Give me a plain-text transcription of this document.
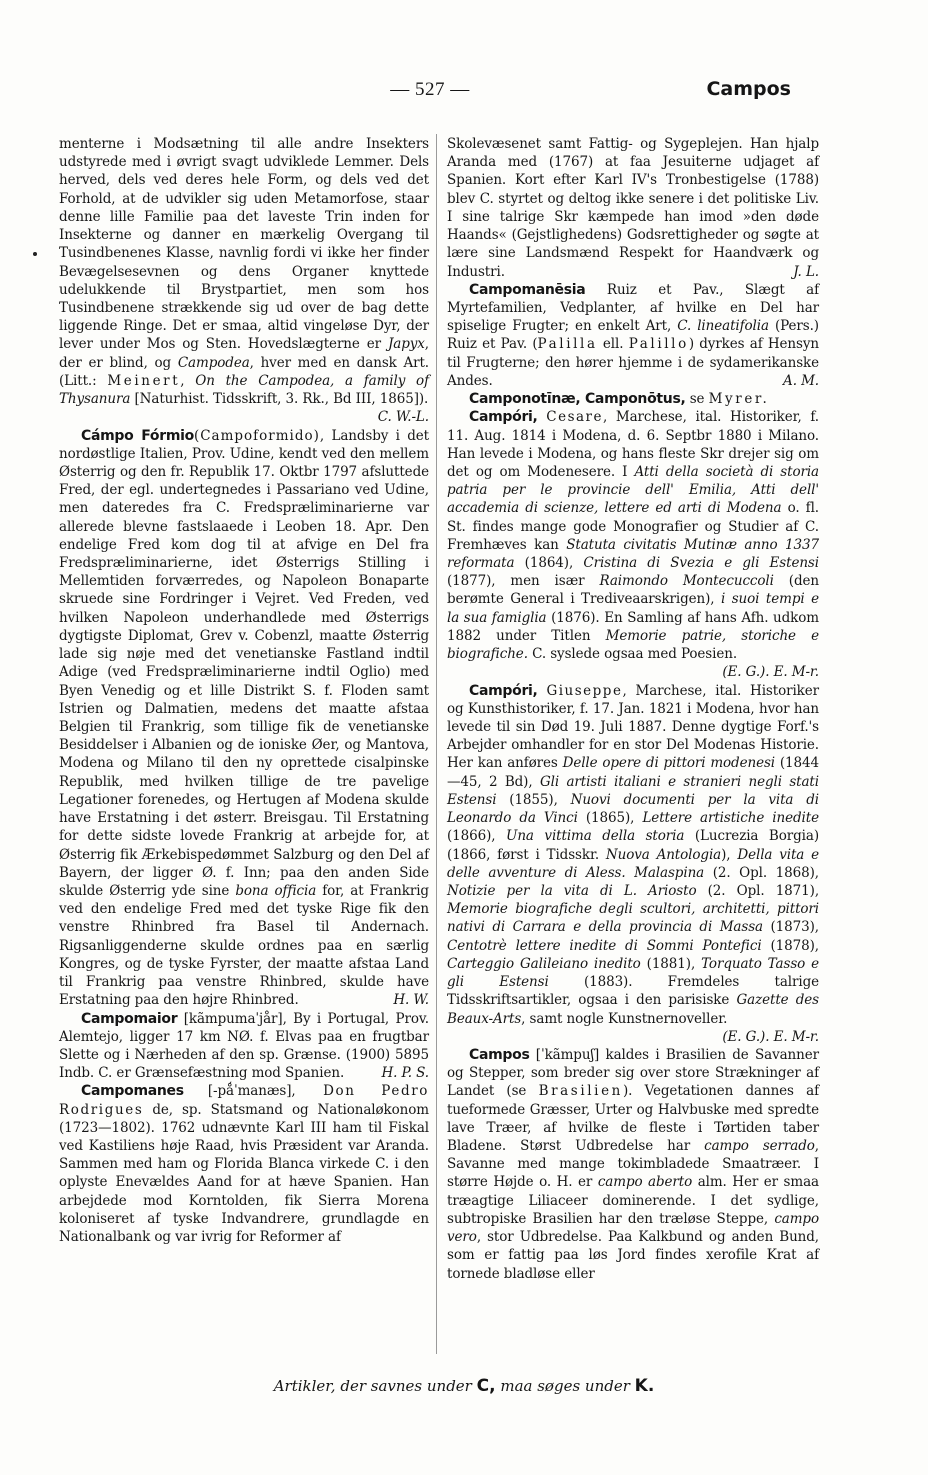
— 527 —	Campos
menterne i Modsætning til alle andre Insekters udstyrede med i øvrigt svagt udviklede Lemmer. Dels herved, dels ved deres hele Form, og dels ved det Forhold, at de udvikler sig uden Metamorfose, staar denne lille Familie paa det laveste Trin inden for Insekterne og danner en mærkelig Overgang til Tusindbenenes Klasse, navnlig fordi vi ikke her finder Bevægelsesevnen og dens Organer knyttede udelukkende til Brystpartiet, men som hos Tusindbenene strækkende sig ud over de bag dette liggende Ringe. Det er smaa, altid vingeløse Dyr, der lever under Mos og Sten. Hovedslægterne er Japyx, der er blind, og Campodea, hver med en dansk Art. (Litt.: Meinert, On the Campodea, a family of Thysanura [Naturhist. Tidsskrift, 3. Rk., Bd III, 1865]).
C. W.-L.
Cámpo Fórmio(Campoformido), Landsby i det nordøstlige Italien, Prov. Udine, kendt ved den mellem Østerrig og den fr. Republik 17. Oktbr 1797 afsluttede Fred, der egl. undertegnedes i Passariano ved Udine, men dateredes fra C. Fredspræliminarierne var allerede blevne fastslaaede i Leoben 18. Apr. Den endelige Fred kom dog til at afvige en Del fra Fredspræliminarierne, idet Østerrigs Stilling i Mellemtiden forværredes, og Napoleon Bonaparte skruede sine Fordringer i Vejret. Ved Freden, ved hvilken Napoleon underhandlede med Østerrigs dygtigste Diplomat, Grev v. Cobenzl, maatte Østerrig lade sig nøje med det venetianske Fastland indtil Adige (ved Fredspræliminarierne indtil Oglio) med Byen Venedig og et lille Distrikt S. f. Floden samt Istrien og Dalmatien, medens det maatte afstaa Belgien til Frankrig, som tillige fik de venetianske Besiddelser i Albanien og de ioniske Øer, og Mantova, Modena og Milano til den ny oprettede cisalpinske Republik, med hvilken tillige de tre pavelige Legationer forenedes, og Hertugen af Modena skulde have Erstatning i det østerr. Breisgau. Til Erstatning for dette sidste lovede Frankrig at arbejde for, at Østerrig fik Ærkebispedømmet Salzburg og den Del af Bayern, der ligger Ø. f. Inn; paa den anden Side skulde Østerrig yde sine bona officia for, at Frankrig ved den endelige Fred med det tyske Rige fik den venstre Rhinbred fra Basel til Andernach. Rigsanliggenderne skulde ordnes paa en særlig Kongres, og de tyske Fyrster, der maatte afstaa Land til Frankrig paa venstre Rhinbred, skulde have Erstatning paa den højre Rhinbred.	H. W.
Campomaior [kãmpumaˈjår], By i Portugal, Prov. Alemtejo, ligger 17 km NØ. f. Elvas paa en frugtbar Slette og i Nærheden af den sp. Grænse. (1900) 5895 Indb. C. er Grænsefæstning mod Spanien.	H. P. S.
Campomanes [-pǻˈmanæs], Don Pedro Rodrigues de, sp. Statsmand og Nationaløkonom (1723—1802). 1762 udnævnte Karl III ham til Fiskal ved Kastiliens høje Raad, hvis Præsident var Aranda. Sammen med ham og Florida Blanca virkede C. i den oplyste Enevældes Aand for at hæve Spanien. Han arbejdede mod Korntolden, fik Sierra Morena koloniseret af tyske Indvandrere, grundlagde en Nationalbank og var ivrig for Reformer af
Skolevæsenet samt Fattig- og Sygeplejen. Han hjalp Aranda med (1767) at faa Jesuiterne udjaget af Spanien. Kort efter Karl IV's Tronbestigelse (1788) blev C. styrtet og deltog ikke senere i det politiske Liv. I sine talrige Skr kæmpede han imod »den døde Haands« (Gejstlighedens) Godsrettigheder og søgte at lære sine Landsmænd Respekt for Haandværk og Industri.	J. L.
Campomanēsia Ruiz et Pav., Slægt af Myrtefamilien, Vedplanter, af hvilke en Del har spiselige Frugter; en enkelt Art, C. lineatifolia (Pers.) Ruiz et Pav. (Palilla ell. Palillo) dyrkes af Hensyn til Frugterne; den hører hjemme i de sydamerikanske Andes.	A. M.
Camponotīnæ, Camponōtus, se Myrer.
Campóri, Cesare, Marchese, ital. Historiker, f. 11. Aug. 1814 i Modena, d. 6. Septbr 1880 i Milano. Han levede i Modena, og hans fleste Skr drejer sig om det og om Modenesere. I Atti della società di storia patria per le provincie dell' Emilia, Atti dell' accademia di scienze, lettere ed arti di Modena o. fl. St. findes mange gode Monografier og Studier af C. Fremhæves kan Statuta civitatis Mutinæ anno 1337 reformata (1864), Cristina di Svezia e gli Estensi (1877), men især Raimondo Montecuccoli (den berømte General i Trediveaarskrigen), i suoi tempi e la sua famiglia (1876). En Samling af hans Afh. udkom 1882 under Titlen Memorie patrie, storiche e biografiche. C. syslede ogsaa med Poesien.
(E. G.). E. M-r.
Campóri, Giuseppe, Marchese, ital. Historiker og Kunsthistoriker, f. 17. Jan. 1821 i Modena, hvor han levede til sin Død 19. Juli 1887. Denne dygtige Forf.'s Arbejder omhandler for en stor Del Modenas Historie. Her kan anføres Delle opere di pittori modenesi (1844—45, 2 Bd), Gli artisti italiani e stranieri negli stati Estensi (1855), Nuovi documenti per la vita di Leonardo da Vinci (1865), Lettere artistiche inedite (1866), Una vittima della storia (Lucrezia Borgia) (1866, først i Tidsskr. Nuova Antologia), Della vita e delle avventure di Aless. Malaspina (2. Opl. 1868), Notizie per la vita di L. Ariosto (2. Opl. 1871), Memorie biografiche degli scultori, architetti, pittori nativi di Carrara e della provincia di Massa (1873), Centotrè lettere inedite di Sommi Pontefici (1878), Carteggio Galileiano inedito (1881), Torquato Tasso e gli Estensi	(1883). Fremdeles talrige Tidsskriftsartikler, ogsaa i den parisiske Gazette des Beaux-Arts, samt nogle Kunstnernoveller.
(E. G.). E. M-r.
Campos [ˈkãmpuʃ] kaldes i Brasilien de Savanner og Stepper, som breder sig over store Strækninger af Landet (se Brasilien). Vegetationen dannes af tueformede Græsser, Urter og Halvbuske med spredte lave Træer, af hvilke de fleste i Tørtiden taber Bladene. Størst Udbredelse har campo serrado, Savanne med mange tokimbladede Smaatræer. I større Højde o. H. er campo aberto alm. Her er smaa træagtige Liliaceer dominerende. I det sydlige, subtropiske Brasilien har den træløse Steppe, campo vero, stor Udbredelse. Paa Kalkbund og anden Bund, som er fattig paa løs Jord findes xerofile Krat af tornede bladløse eller
Artikler, der savnes under C, maa søges under K.
